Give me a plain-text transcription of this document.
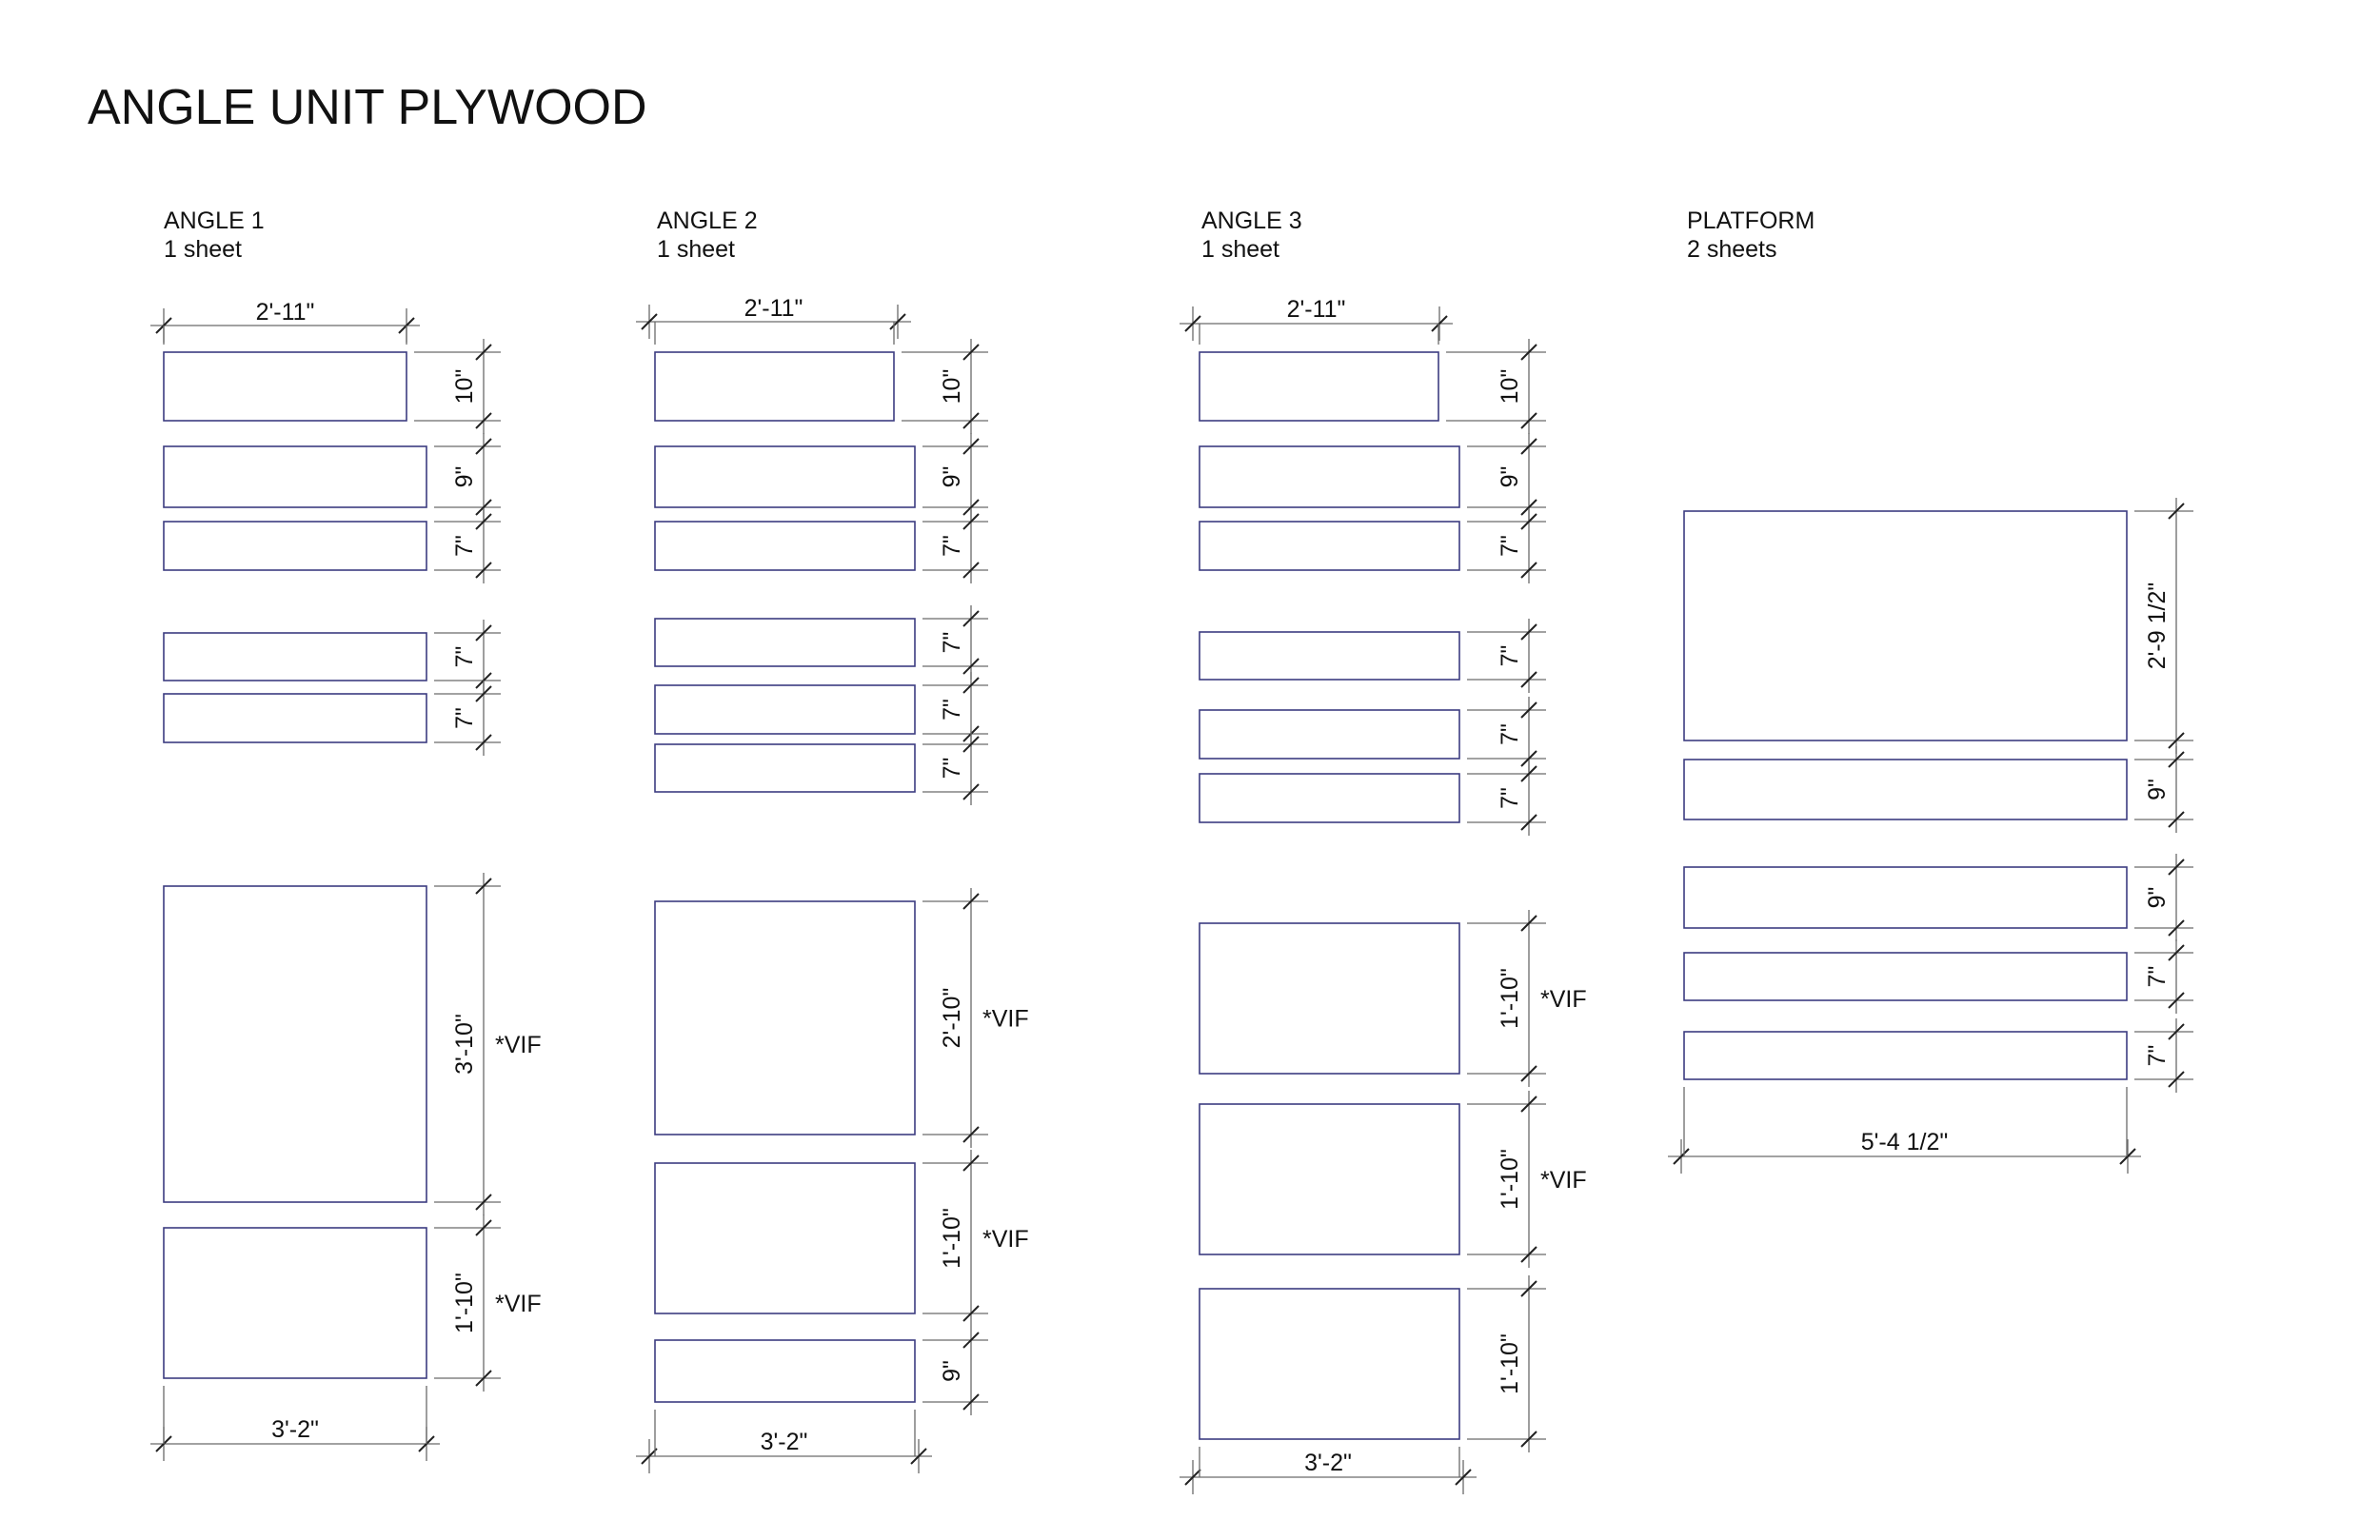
ANGLE UNIT PLYWOOD
ANGLE 1
1 sheet
10"
9"
7"
7"
7"
3'-10" *VIF
1'-10" *VIF
2'-11"
3'-2"
ANGLE 2
1 sheet
10"
9"
7"
7"
7"
7"
2'-10" *VIF
1'-10" *VIF
9"
2'-11"
3'-2"
ANGLE 3
1 sheet
10"
9"
7"
7"
7"
7"
1'-10" *VIF
1'-10" *VIF
1'-10"
2'-11"
3'-2"
PLATFORM
2 sheets
2'-9 1/2"
9"
9"
7"
7"
5'-4 1/2"
